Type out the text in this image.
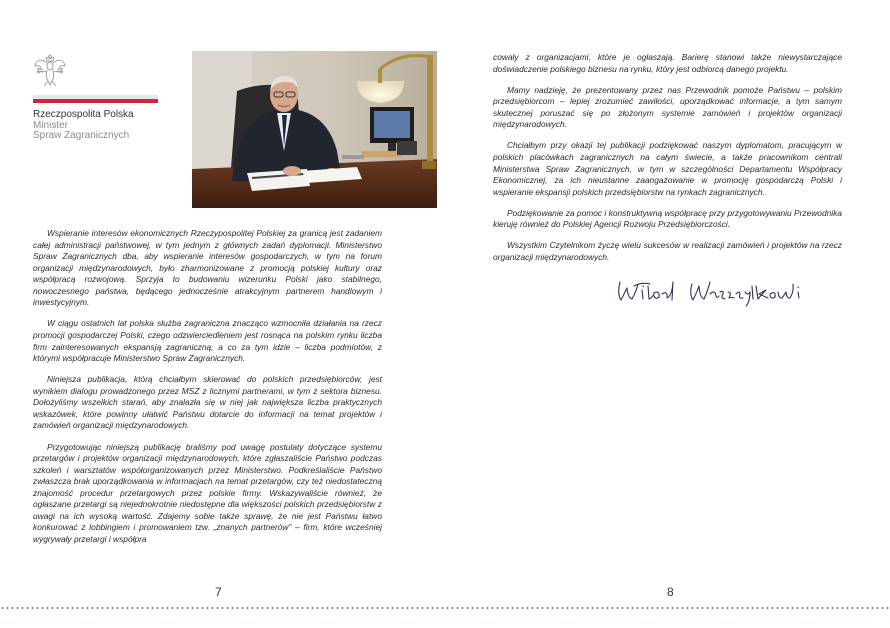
Rzeczpospolita Polska
Minister
Spraw Zagranicznych

Wspieranie interesów ekonomicznych Rzeczypospolitej Polskiej za granicą jest zadaniem całej administracji państwowej, w tym jednym z głównych zadań dyplomacji. Ministerstwo Spraw Zagranicznych dba, aby wspieranie interesów gospodarczych, w tym na forum organizacji międzynarodowych, było zharmonizowane z promocją polskiej kultury oraz współpracą rozwojową. Sprzyja to budowaniu wizerunku Polski jako stabilnego, nowoczesnego państwa, będącego jednocześnie atrakcyjnym partnerem handlowym i inwestycyjnym.

W ciągu ostatnich lat polska służba zagraniczna znacząco wzmocniła działania na rzecz promocji gospodarczej Polski, czego odzwierciedleniem jest rosnąca na polskim rynku liczba firm zainteresowanych ekspansją zagraniczną, a co za tym idzie – liczba podmiotów, z którymi współpracuje Ministerstwo Spraw Zagranicznych.

Niniejsza publikacja, którą chciałbym skierować do polskich przedsiębiorców, jest wynikiem dialogu prowadzonego przez MSZ z licznymi partnerami, w tym z sektora biznesu. Dołożyliśmy wszelkich starań, aby znalazła się w niej jak największa liczba praktycznych wskazówek, które powinny ułatwić Państwu dotarcie do informacji na temat projektów i zamówień organizacji międzynarodowych.

Przygotowując niniejszą publikację braliśmy pod uwagę postulaty dotyczące systemu przetargów i projektów organizacji międzynarodowych, które zgłaszaliście Państwo podczas szkoleń i warsztatów współorganizowanych przez Ministerstwo. Podkreślaliście Państwo zwłaszcza brak uporządkowania w informacjach na temat przetargów, czy też niedostateczną znajomość procedur przetargowych przez polskie firmy. Wskazywaliście również, że ogłaszane przetargi są niejednokrotnie niedostępne dla większości polskich przedsiębiorstw z uwagi na ich wysoką wartość. Zdajemy sobie także sprawę, że nie jest Państwu łatwo konkurować z lobbingiem i promowaniem tzw. „znanych partnerów” – firm, które wcześniej wygrywały przetargi i współpra

7

cowały z organizacjami, które je ogłaszają. Barierę stanowi także niewystarczające doświadczenie polskiego biznesu na rynku, który jest odbiorcą danego projektu.

Mamy nadzieję, że prezentowany przez nas Przewodnik pomoże Państwu – polskim przedsiębiorcom – lepiej zrozumieć zawiłości, uporządkować informacje, a tym samym skutecznej poruszać się po złożonym systemie zamówień i projektów organizacji międzynarodowych.

Chciałbym przy okazji tej publikacji podziękować naszym dyplomatom, pracującym w polskich placówkach zagranicznych na całym świecie, a także pracownikom centrali Ministerstwa Spraw Zagranicznych, w tym w szczególności Departamentu Współpracy Ekonomicznej, za ich nieustanne zaangażowanie w promocję gospodarczą Polski i wspieranie ekspansji polskich przedsiębiorstw na rynkach zagranicznych.

Podziękowanie za pomoc i konstruktywną współpracę przy przygotowywaniu Przewodnika kieruję również do Polskiej Agencji Rozwoju Przedsiębiorczości.

Wszystkim Czytelnikom życzę wielu sukcesów w realizacji zamówień i projektów na rzecz organizacji międzynarodowych.

8
